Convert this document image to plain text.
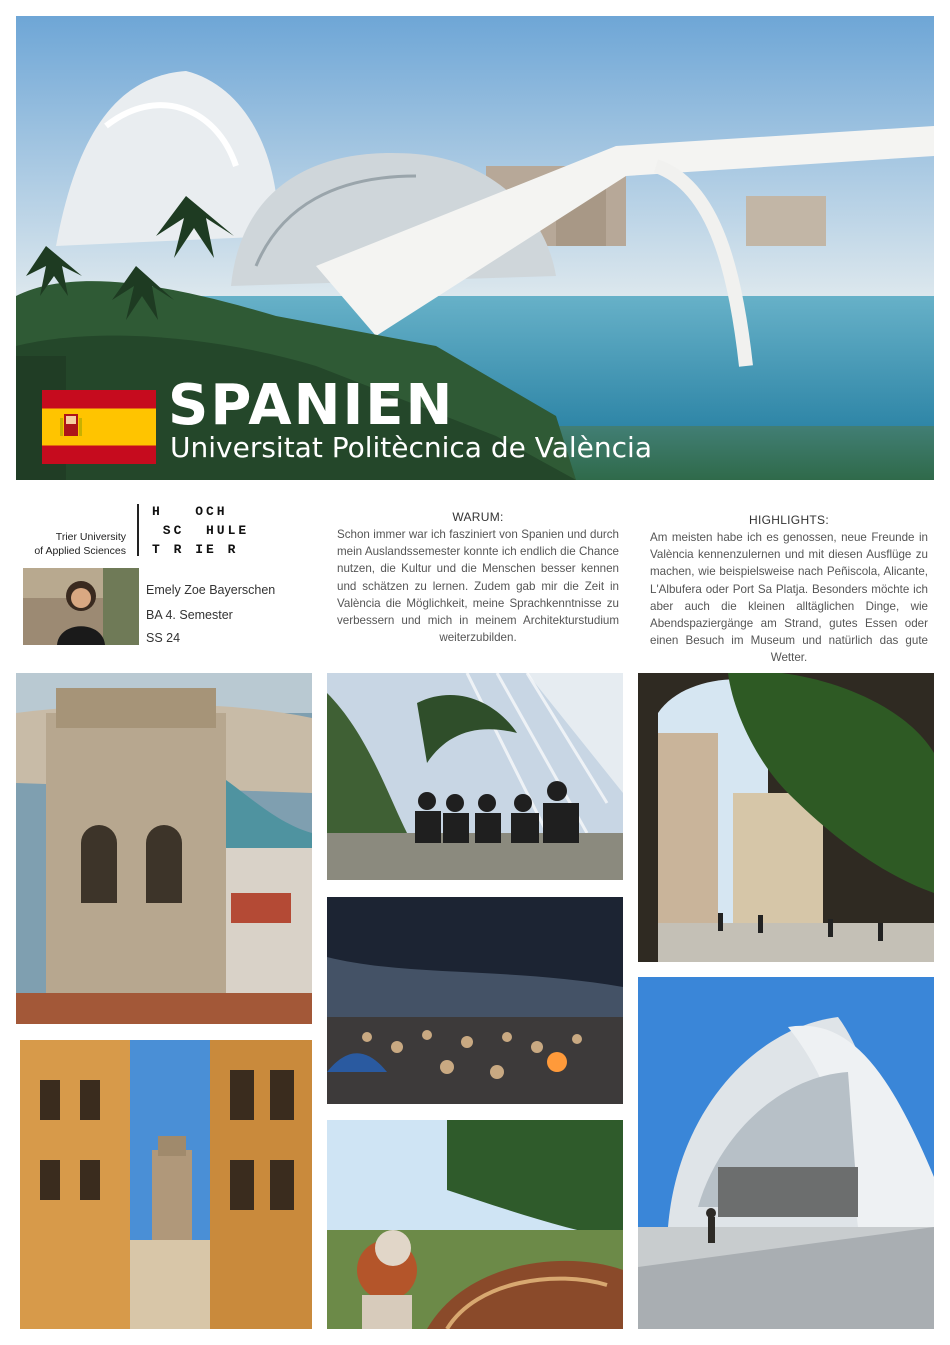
SPANIEN
Universitat Politècnica de València
Trier University
of Applied Sciences
H   OCH
SC  HULE
T R IE R
Emely Zoe Bayerschen
BA 4. Semester
SS 24
WARUM:
Schon immer war ich fasziniert von Spanien und durch mein Auslandssemester konnte ich endlich die Chance nutzen, die Kultur und die Menschen besser kennen und schätzen zu lernen. Zudem gab mir die Zeit in València die Möglichkeit, meine Sprachkenntnisse zu verbessern und mich in meinem Architekturstudium weiterzubilden.
HIGHLIGHTS:
Am meisten habe ich es genossen, neue Freunde in València kennenzulernen und mit diesen Ausflüge zu machen, wie beispielsweise nach Peñiscola, Alicante, L'Albufera oder Port Sa Platja. Besonders möchte ich aber auch die kleinen alltäglichen Dinge, wie Abendspaziergänge am Strand, gutes Essen oder einen Besuch im Museum und natürlich das gute Wetter.
